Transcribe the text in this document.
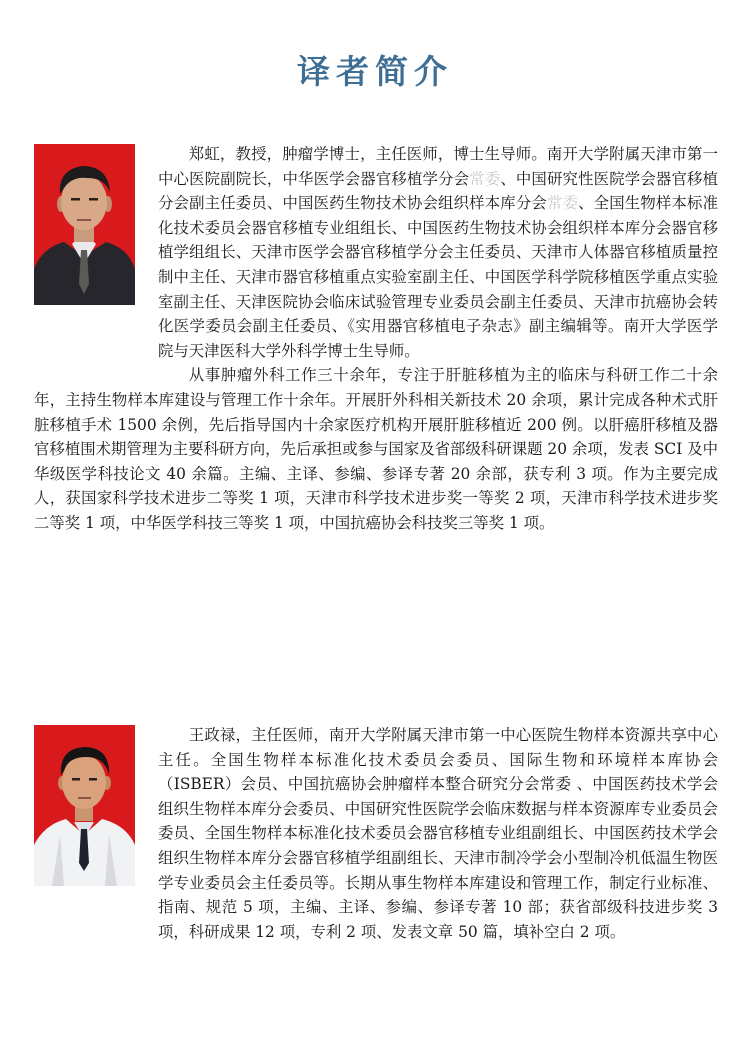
译者简介

郑虹，教授，肿瘤学博士，主任医师，博士生导师。南开大学附属天津市第一中心医院副院长，中华医学会器官移植学分会常委、中国研究性医院学会器官移植分会副主任委员、中国医药生物技术协会组织样本库分会常委、全国生物样本标准化技术委员会器官移植专业组组长、中国医药生物技术协会组织样本库分会器官移植学组组长、天津市医学会器官移植学分会主任委员、天津市人体器官移植质量控制中主任、天津市器官移植重点实验室副主任、中国医学科学院移植医学重点实验室副主任、天津医院协会临床试验管理专业委员会副主任委员、天津市抗癌协会转化医学委员会副主任委员、《实用器官移植电子杂志》副主编辑等。南开大学医学院与天津医科大学外科学博士生导师。

从事肿瘤外科工作三十余年，专注于肝脏移植为主的临床与科研工作二十余年，主持生物样本库建设与管理工作十余年。开展肝外科相关新技术 20 余项，累计完成各种术式肝脏移植手术 1500 余例，先后指导国内十余家医疗机构开展肝脏移植近 200 例。以肝癌肝移植及器官移植围术期管理为主要科研方向，先后承担或参与国家及省部级科研课题 20 余项，发表 SCI 及中华级医学科技论文 40 余篇。主编、主译、参编、参译专著 20 余部，获专利 3 项。作为主要完成人，获国家科学技术进步二等奖 1 项，天津市科学技术进步奖一等奖 2 项，天津市科学技术进步奖二等奖 1 项，中华医学科技三等奖 1 项，中国抗癌协会科技奖三等奖 1 项。

王政禄，主任医师，南开大学附属天津市第一中心医院生物样本资源共享中心主任。全国生物样本标准化技术委员会委员、国际生物和环境样本库协会（ISBER）会员、中国抗癌协会肿瘤样本整合研究分会常委 、中国医药技术学会组织生物样本库分会委员、中国研究性医院学会临床数据与样本资源库专业委员会委员、全国生物样本标准化技术委员会器官移植专业组副组长、中国医药技术学会组织生物样本库分会器官移植学组副组长、天津市制冷学会小型制冷机低温生物医学专业委员会主任委员等。长期从事生物样本库建设和管理工作，制定行业标准、指南、规范 5 项，主编、主译、参编、参译专著 10 部；获省部级科技进步奖 3 项，科研成果 12 项，专利 2 项、发表文章 50 篇，填补空白 2 项。
